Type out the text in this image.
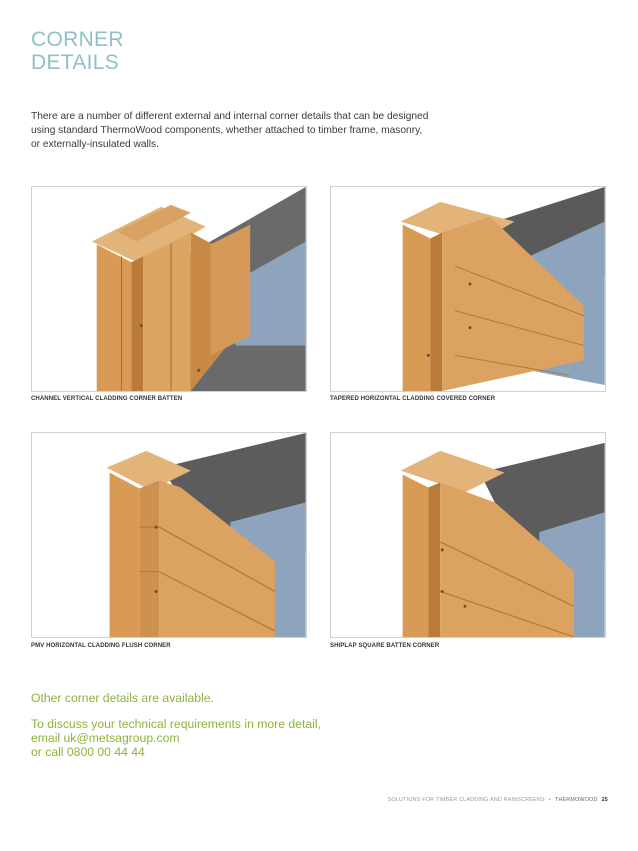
CORNER
DETAILS
There are a number of different external and internal corner details that can be designed using standard ThermoWood components, whether attached to timber frame, masonry, or externally-insulated walls.
CHANNEL VERTICAL CLADDING CORNER BATTEN	TAPERED HORIZONTAL CLADDING COVERED CORNER
PMV HORIZONTAL CLADDING FLUSH CORNER	SHIPLAP SQUARE BATTEN CORNER
Other corner details are available.
To discuss your technical requirements in more detail,
email uk@metsagroup.com
or call 0800 00 44 44
SOLUTIONS FOR TIMBER CLADDING AND RAINSCREENS • THERMOWOOD 25
